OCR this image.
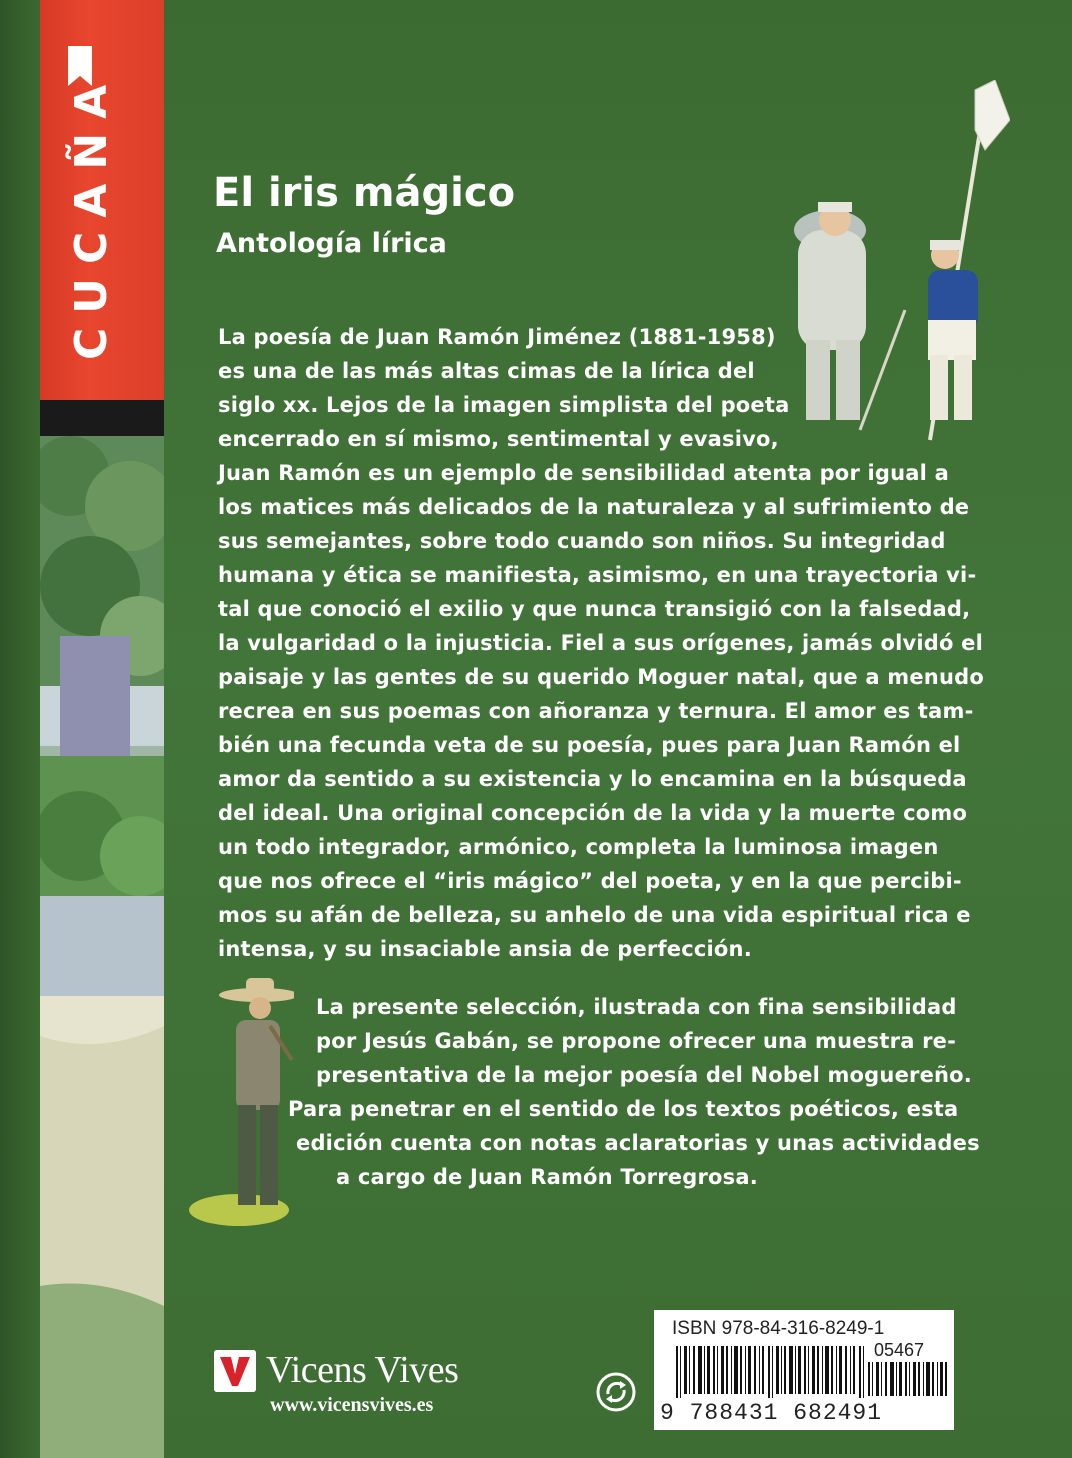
CUCAÑA El iris mágico
Antología lírica
La poesía de Juan Ramón Jiménez (1881-1958)
es una de las más altas cimas de la lírica del
siglo xx. Lejos de la imagen simplista del poeta
encerrado en sí mismo, sentimental y evasivo,
Juan Ramón es un ejemplo de sensibilidad atenta por igual a
los matices más delicados de la naturaleza y al sufrimiento de
sus semejantes, sobre todo cuando son niños. Su integridad
humana y ética se manifiesta, asimismo, en una trayectoria vi-
tal que conoció el exilio y que nunca transigió con la falsedad,
la vulgaridad o la injusticia. Fiel a sus orígenes, jamás olvidó el
paisaje y las gentes de su querido Moguer natal, que a menudo
recrea en sus poemas con añoranza y ternura. El amor es tam-
bién una fecunda veta de su poesía, pues para Juan Ramón el
amor da sentido a su existencia y lo encamina en la búsqueda
del ideal. Una original concepción de la vida y la muerte como
un todo integrador, armónico, completa la luminosa imagen
que nos ofrece el “iris mágico” del poeta, y en la que percibi-
mos su afán de belleza, su anhelo de una vida espiritual rica e
intensa, y su insaciable ansia de perfección.
La presente selección, ilustrada con fina sensibilidad
por Jesús Gabán, se propone ofrecer una muestra re-
presentativa de la mejor poesía del Nobel moguereño.
Para penetrar en el sentido de los textos poéticos, esta
edición cuenta con notas aclaratorias y unas actividades
a cargo de Juan Ramón Torregrosa.
Vicens Vives
www.vicensvives.es
ISBN 978-84-316-8249-1
05467
9 788431 682491
